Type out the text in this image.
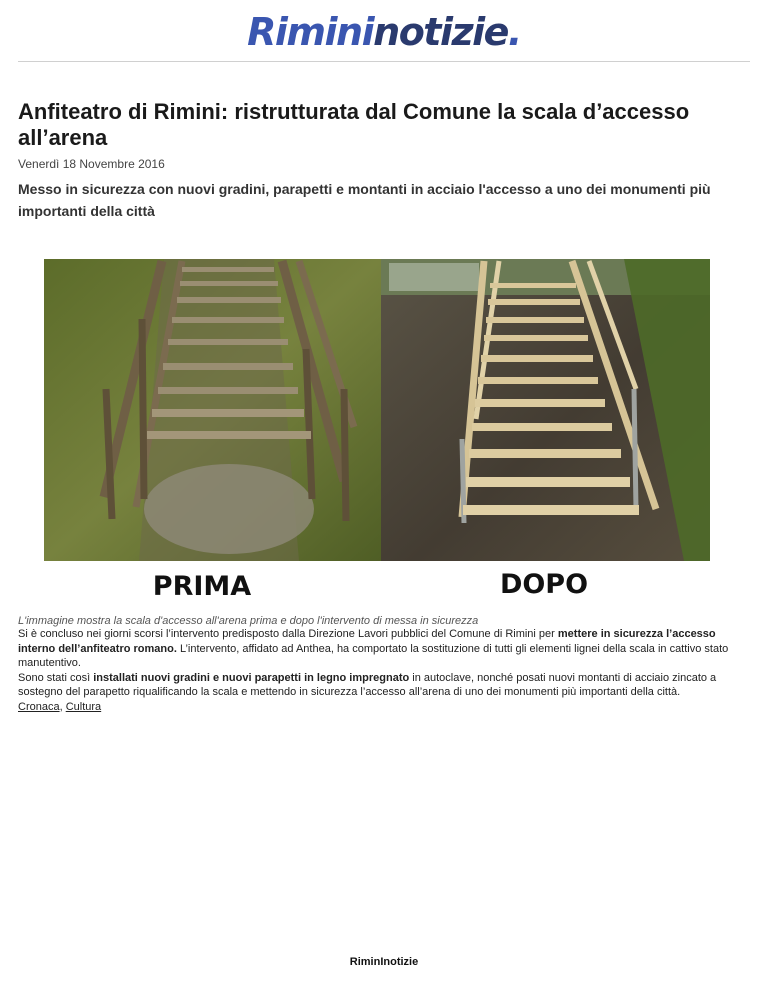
Rimininotizie.
Anfiteatro di Rimini: ristrutturata dal Comune la scala d’accesso all’arena
Venerdì 18 Novembre 2016
Messo in sicurezza con nuovi gradini, parapetti e montanti in acciaio l'accesso a uno dei monumenti più importanti della città
PRIMA	DOPO
L'immagine mostra la scala d'accesso all'arena prima e dopo l'intervento di messa in sicurezza

Si è concluso nei giorni scorsi l’intervento predisposto dalla Direzione Lavori pubblici del Comune di Rimini per mettere in sicurezza l’accesso interno dell’anfiteatro romano. L’intervento, affidato ad Anthea, ha comportato la sostituzione di tutti gli elementi lignei della scala in cattivo stato manutentivo.

Sono stati così installati nuovi gradini e nuovi parapetti in legno impregnato in autoclave, nonché posati nuovi montanti di acciaio zincato a sostegno del parapetto riqualificando la scala e mettendo in sicurezza l’accesso all’arena di uno dei monumenti più importanti della città.

Cronaca, Cultura

RiminInotizie
